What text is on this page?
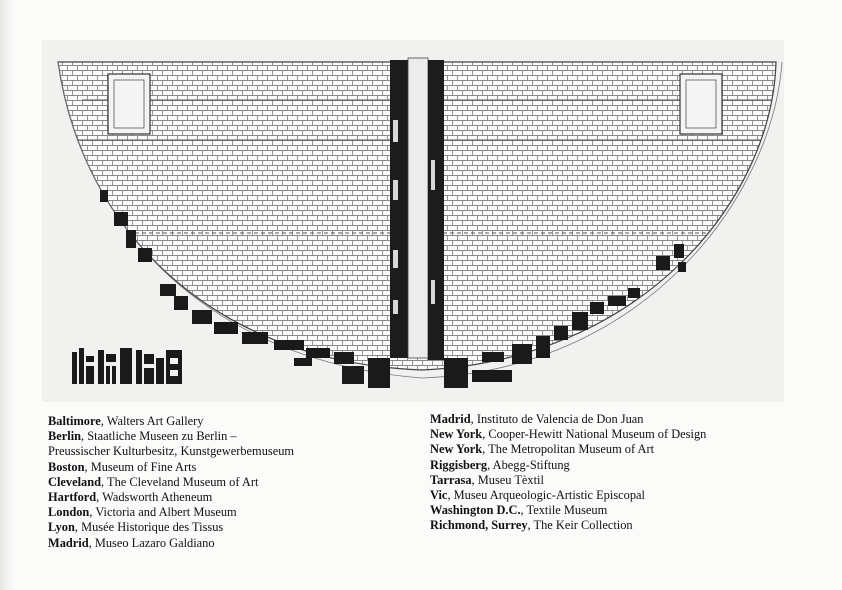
Baltimore, Walters Art Gallery
Berlin, Staatliche Museen zu Berlin –
Preussischer Kulturbesitz, Kunstgewerbemuseum
Boston, Museum of Fine Arts
Cleveland, The Cleveland Museum of Art
Hartford, Wadsworth Atheneum
London, Victoria and Albert Museum
Lyon, Musée Historique des Tissus
Madrid, Museo Lazaro Galdiano
Madrid, Instituto de Valencia de Don Juan
New York, Cooper-Hewitt National Museum of Design
New York, The Metropolitan Museum of Art
Riggisberg, Abegg-Stiftung
Tarrasa, Museu Tèxtil
Vic, Museu Arqueologic-Artistic Episcopal
Washington D.C., Textile Museum
Richmond, Surrey, The Keir Collection
